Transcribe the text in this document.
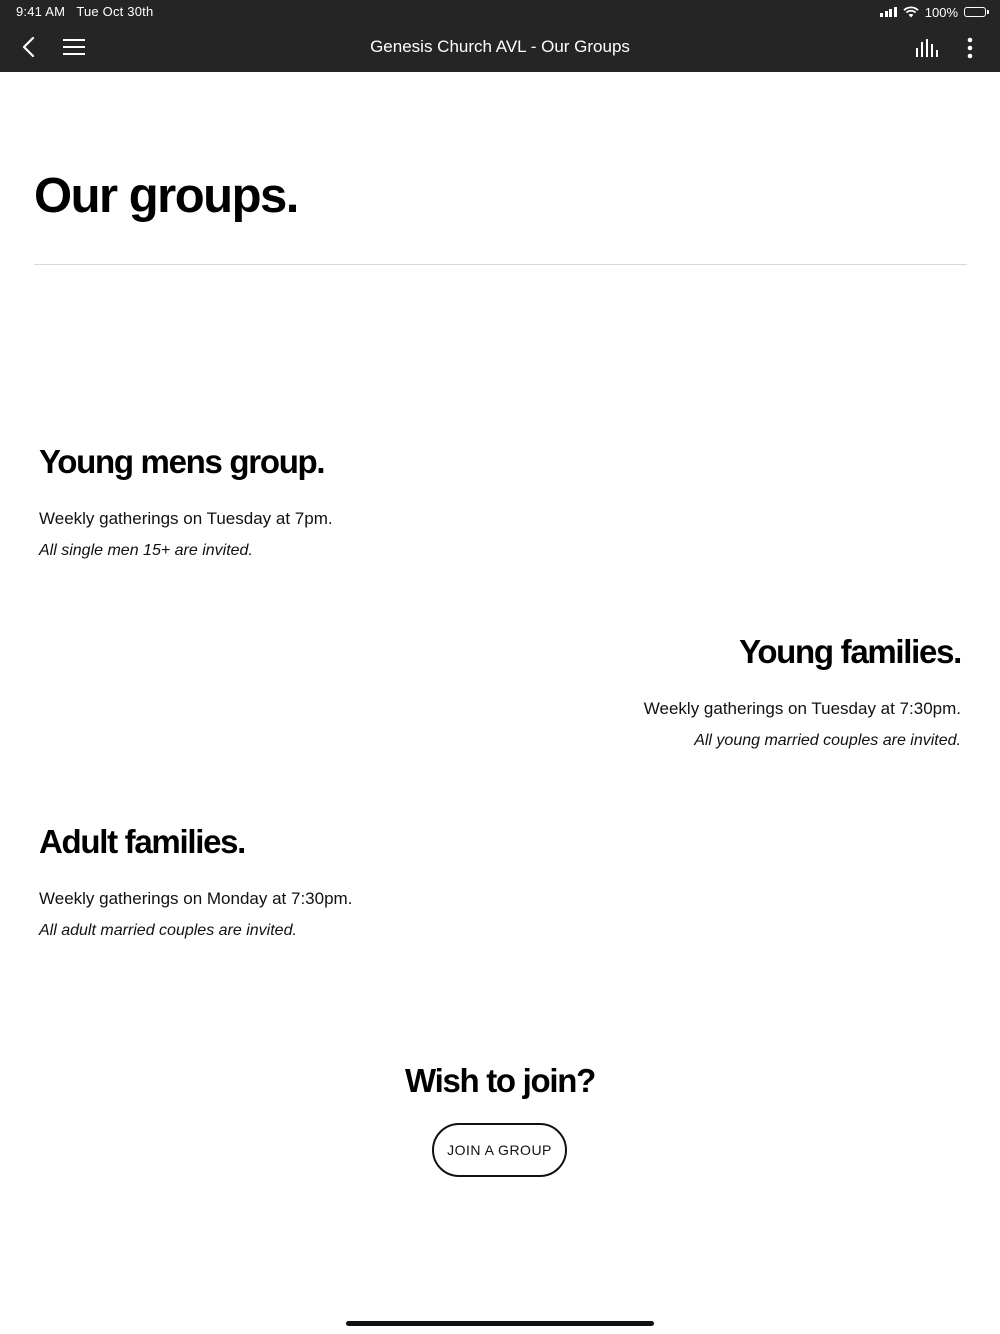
9:41 AM Tue Oct 30th	100%
Genesis Church AVL - Our Groups
Our groups.
Young mens group.

Weekly gatherings on Tuesday at 7pm.

All single men 15+ are invited.

Young families.

Weekly gatherings on Tuesday at 7:30pm.

All young married couples are invited.

Adult families.

Weekly gatherings on Monday at 7:30pm.

All adult married couples are invited.

Wish to join?
JOIN A GROUP
